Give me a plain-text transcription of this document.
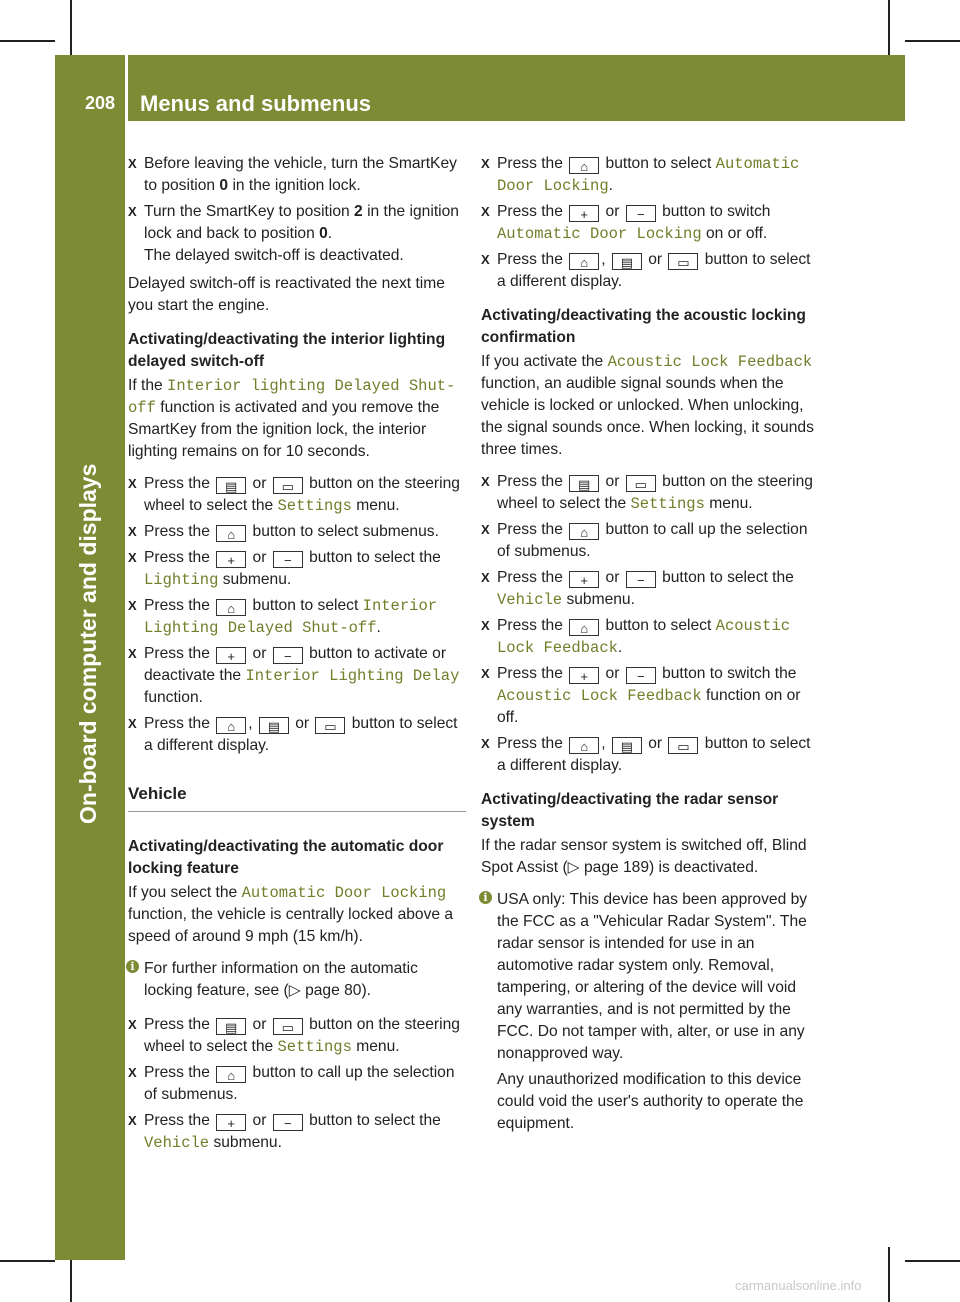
208 Menus and submenus
On-board computer and displays
X Before leaving the vehicle, turn the SmartKey to position 0 in the ignition lock.
X Turn the SmartKey to position 2 in the ignition lock and back to position 0.
The delayed switch-off is deactivated.

Delayed switch-off is reactivated the next time you start the engine.

Activating/deactivating the interior lighting delayed switch-off

If the Interior lighting Delayed Shut-off function is activated and you remove the SmartKey from the ignition lock, the interior lighting remains on for 10 seconds.

X Press the ▤ or ▭ button on the steering wheel to select the Settings menu.
X Press the ⌂ button to select submenus.
X Press the + or − button to select the Lighting submenu.
X Press the ⌂ button to select Interior Lighting Delayed Shut-off.
X Press the + or − button to activate or deactivate the Interior Lighting Delay function.
X Press the ⌂ , ▤ or ▭ button to select a different display.
Vehicle
Activating/deactivating the automatic door locking feature

If you select the Automatic Door Locking function, the vehicle is centrally locked above a speed of around 9 mph (15 km/h).

i For further information on the automatic locking feature, see (▷ page 80).
X Press the ▤ or ▭ button on the steering wheel to select the Settings menu.
X Press the ⌂ button to call up the selection of submenus.
X Press the + or − button to select the Vehicle submenu.
X Press the ⌂ button to select Automatic Door Locking.
X Press the + or − button to switch Automatic Door Locking on or off.
X Press the ⌂ , ▤ or ▭ button to select a different display.
Activating/deactivating the acoustic locking confirmation

If you activate the Acoustic Lock Feedback function, an audible signal sounds when the vehicle is locked or unlocked. When unlocking, the signal sounds once. When locking, it sounds three times.

X Press the ▤ or ▭ button on the steering wheel to select the Settings menu.
X Press the ⌂ button to call up the selection of submenus.
X Press the + or − button to select the Vehicle submenu.
X Press the ⌂ button to select Acoustic Lock Feedback.
X Press the + or − button to switch the Acoustic Lock Feedback function on or off.
X Press the ⌂ , ▤ or ▭ button to select a different display.
Activating/deactivating the radar sensor system

If the radar sensor system is switched off, Blind Spot Assist (▷ page 189) is deactivated.

i USA only: This device has been approved by the FCC as a "Vehicular Radar System". The radar sensor is intended for use in an automotive radar system only. Removal, tampering, or altering of the device will void any warranties, and is not permitted by the FCC. Do not tamper with, alter, or use in any nonapproved way.

Any unauthorized modification to this device could void the user's authority to operate the equipment.
carmanualsonline.info
